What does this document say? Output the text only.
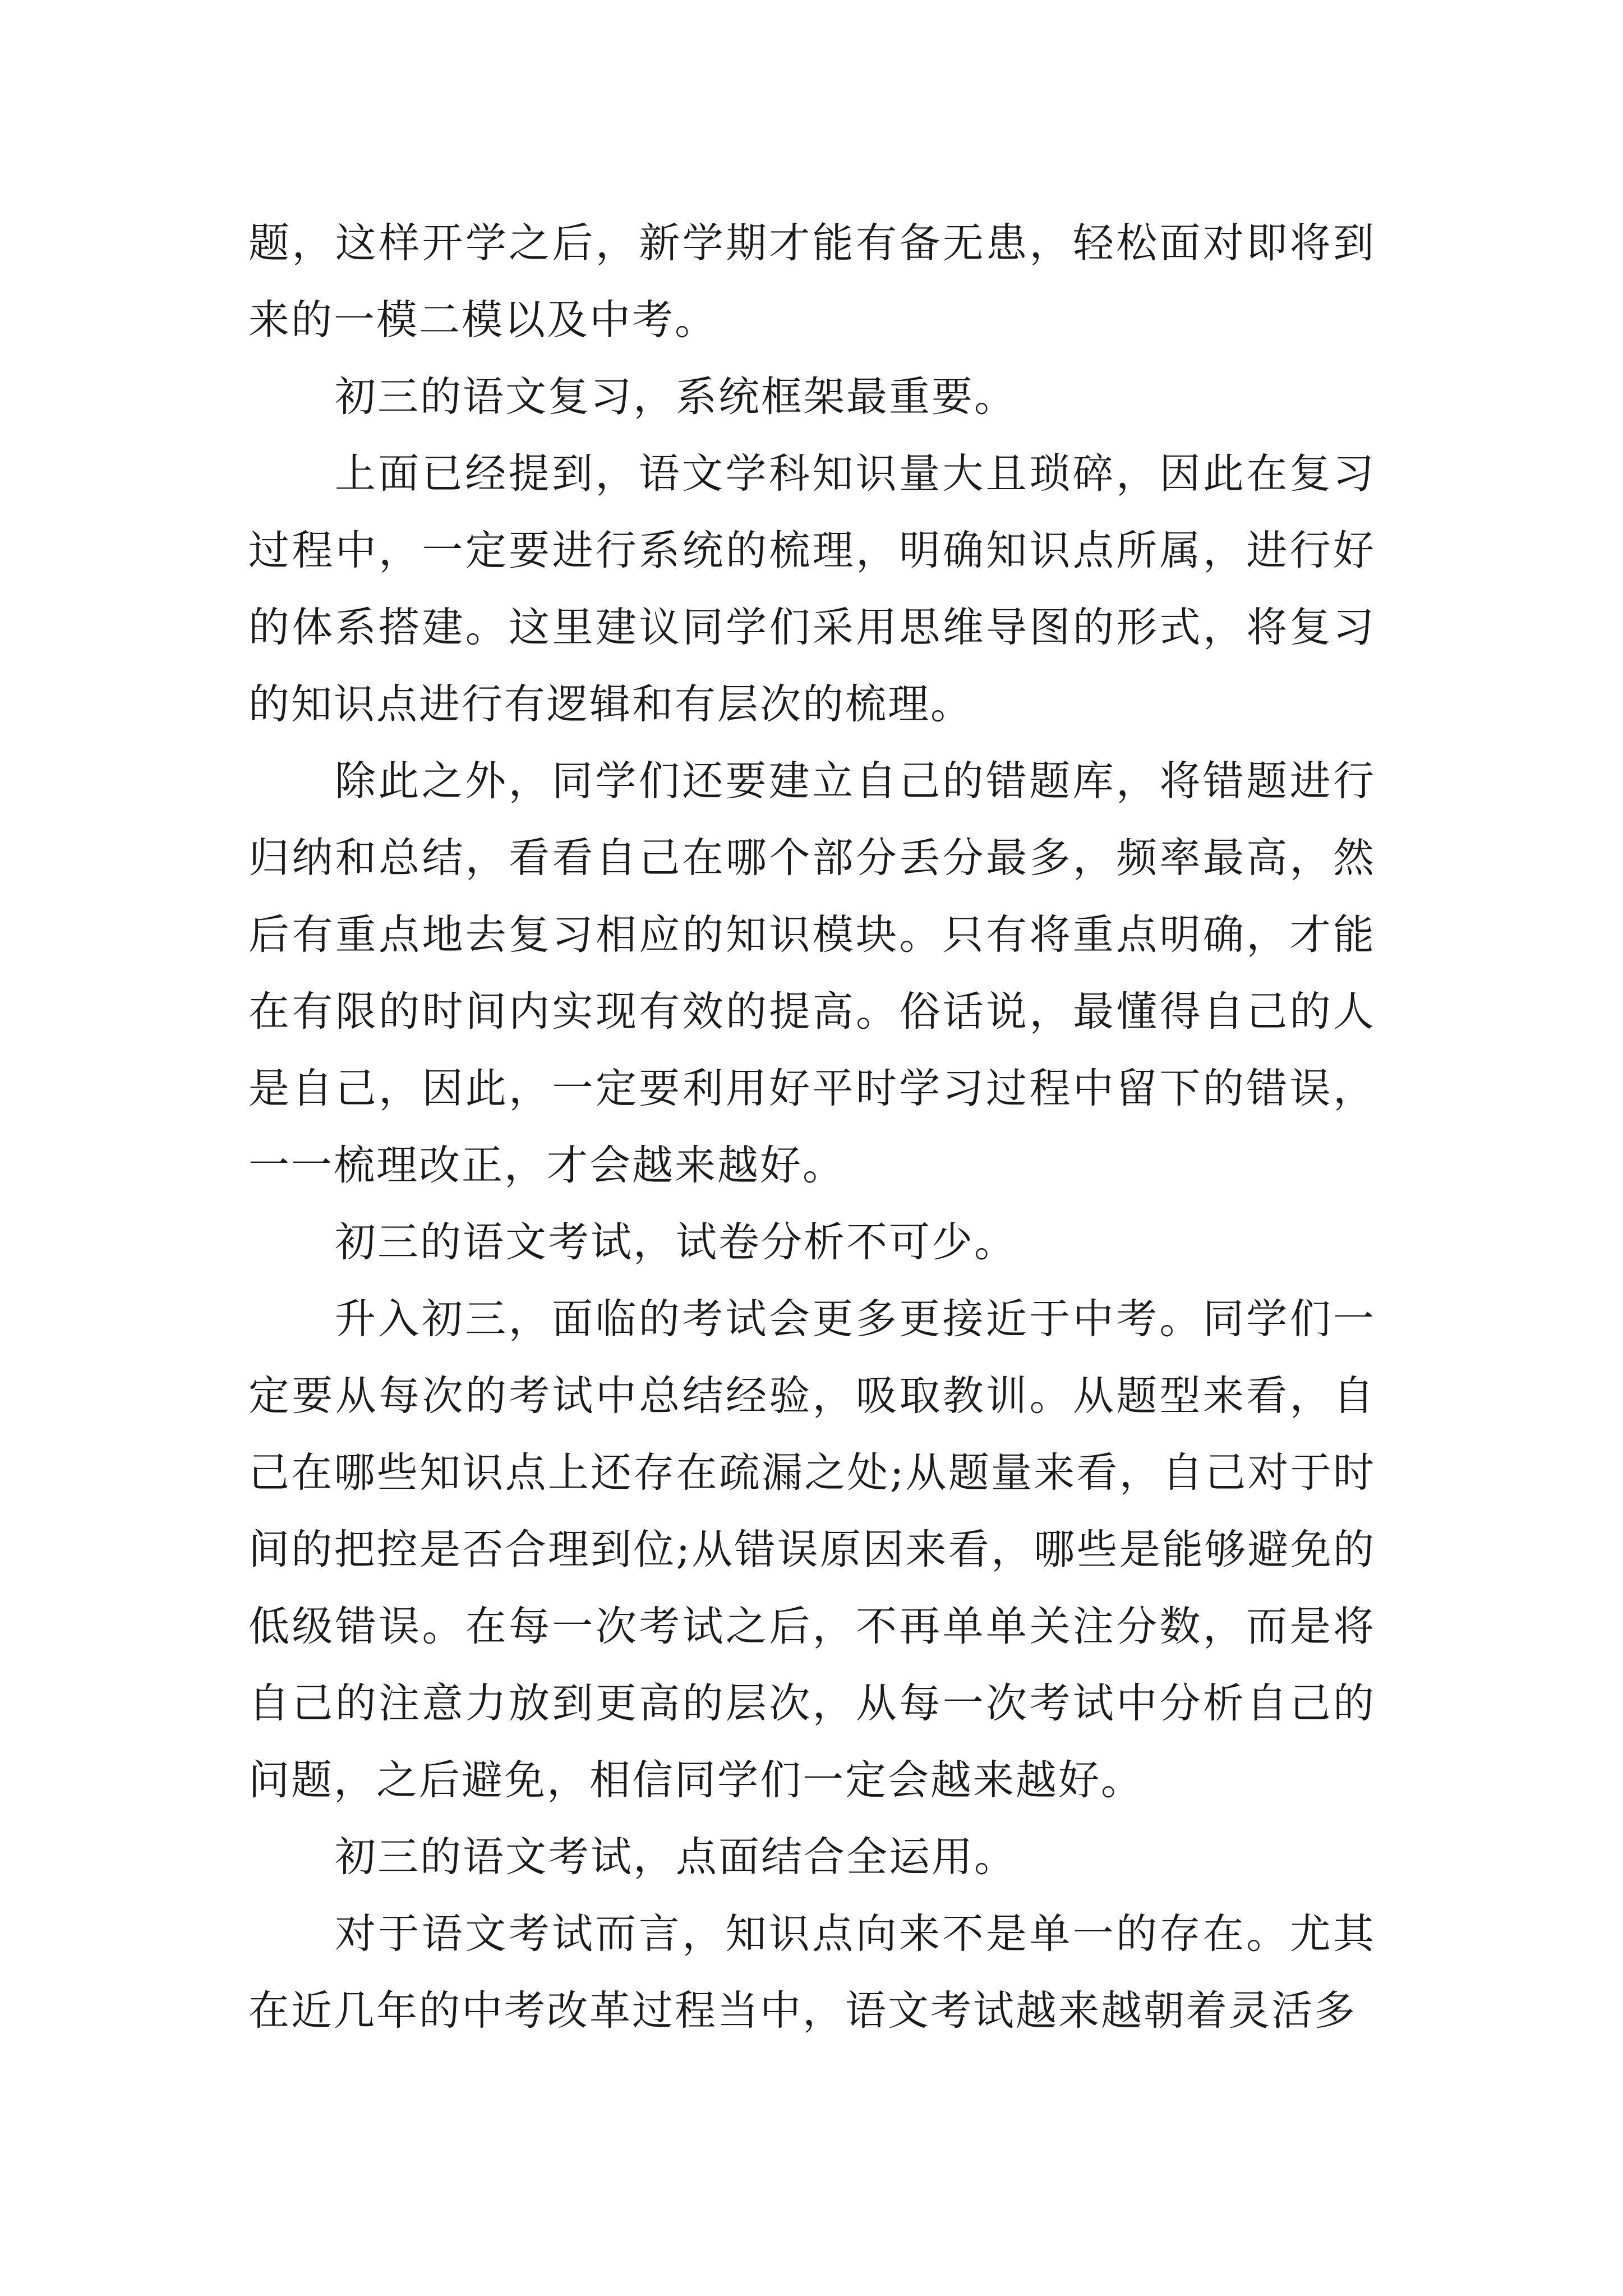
题，这样开学之后，新学期才能有备无患，轻松面对即将到来的一模二模以及中考。

初三的语文复习，系统框架最重要。

上面已经提到，语文学科知识量大且琐碎，因此在复习过程中，一定要进行系统的梳理，明确知识点所属，进行好的体系搭建。这里建议同学们采用思维导图的形式，将复习的知识点进行有逻辑和有层次的梳理。

除此之外，同学们还要建立自己的错题库，将错题进行归纳和总结，看看自己在哪个部分丢分最多，频率最高，然后有重点地去复习相应的知识模块。只有将重点明确，才能在有限的时间内实现有效的提高。俗话说，最懂得自己的人是自己，因此，一定要利用好平时学习过程中留下的错误，一一梳理改正，才会越来越好。

初三的语文考试，试卷分析不可少。

升入初三，面临的考试会更多更接近于中考。同学们一定要从每次的考试中总结经验，吸取教训。从题型来看，自己在哪些知识点上还存在疏漏之处;从题量来看，自己对于时间的把控是否合理到位;从错误原因来看，哪些是能够避免的低级错误。在每一次考试之后，不再单单关注分数，而是将自己的注意力放到更高的层次，从每一次考试中分析自己的问题，之后避免，相信同学们一定会越来越好。

初三的语文考试，点面结合全运用。

对于语文考试而言，知识点向来不是单一的存在。尤其在近几年的中考改革过程当中，语文考试越来越朝着灵活多
